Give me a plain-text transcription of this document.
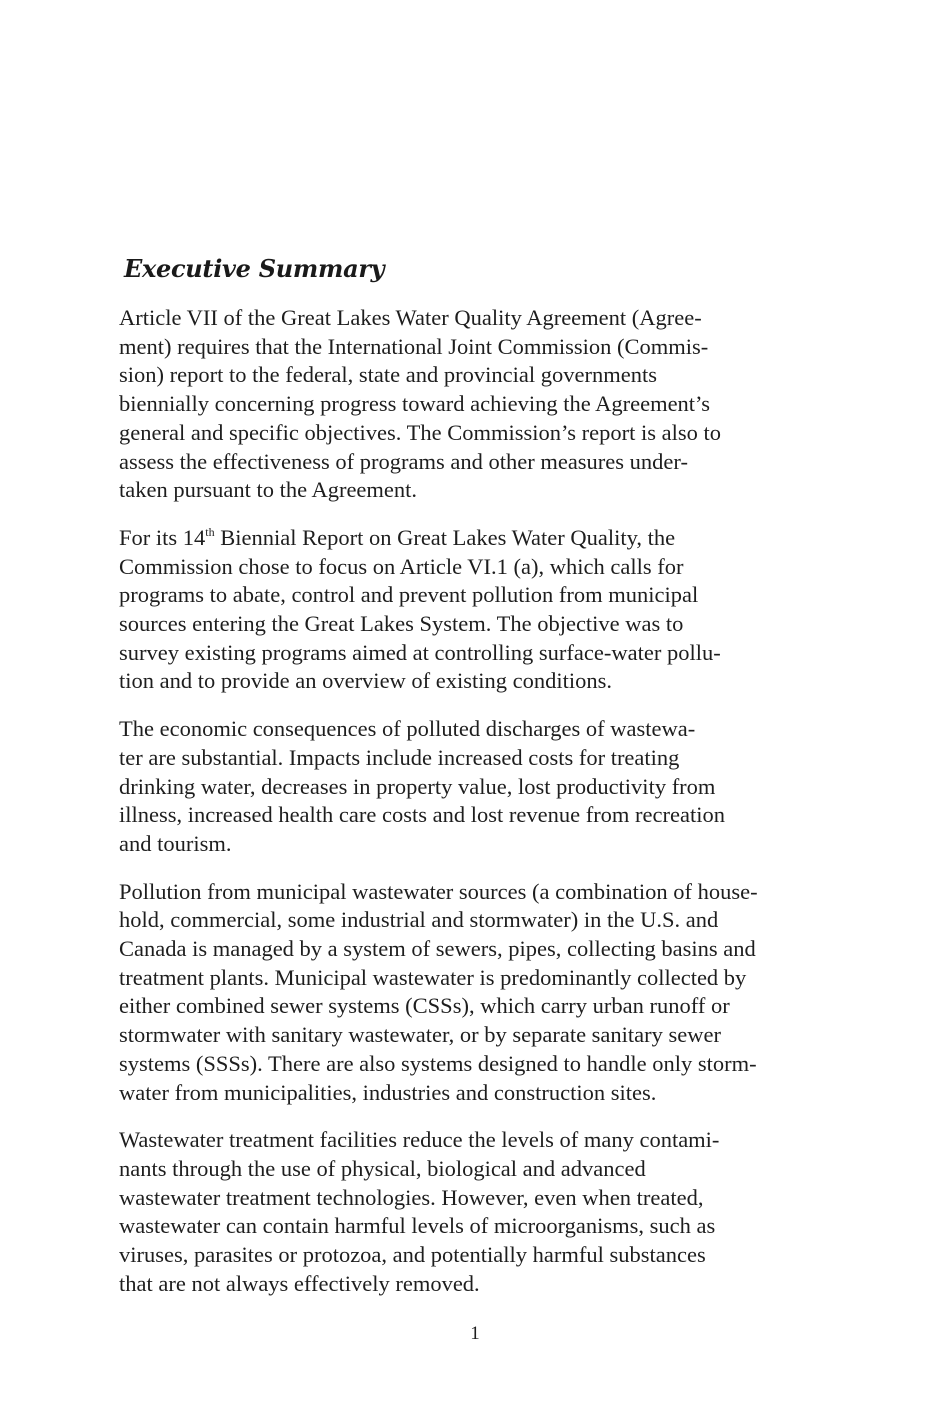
Executive Summary

Article VII of the Great Lakes Water Quality Agreement (Agree-
ment) requires that the International Joint Commission (Commis-
sion) report to the federal, state and provincial governments
biennially concerning progress toward achieving the Agreement’s
general and specific objectives. The Commission’s report is also to
assess the effectiveness of programs and other measures under-
taken pursuant to the Agreement.

For its 14th Biennial Report on Great Lakes Water Quality, the
Commission chose to focus on Article VI.1 (a), which calls for
programs to abate, control and prevent pollution from municipal
sources entering the Great Lakes System. The objective was to
survey existing programs aimed at controlling surface-water pollu-
tion and to provide an overview of existing conditions.

The economic consequences of polluted discharges of wastewa-
ter are substantial. Impacts include increased costs for treating
drinking water, decreases in property value, lost productivity from
illness, increased health care costs and lost revenue from recreation
and tourism.

Pollution from municipal wastewater sources (a combination of house-
hold, commercial, some industrial and stormwater) in the U.S. and
Canada is managed by a system of sewers, pipes, collecting basins and
treatment plants. Municipal wastewater is predominantly collected by
either combined sewer systems (CSSs), which carry urban runoff or
stormwater with sanitary wastewater, or by separate sanitary sewer
systems (SSSs). There are also systems designed to handle only storm-
water from municipalities, industries and construction sites.

Wastewater treatment facilities reduce the levels of many contami-
nants through the use of physical, biological and advanced
wastewater treatment technologies. However, even when treated,
wastewater can contain harmful levels of microorganisms, such as
viruses, parasites or protozoa, and potentially harmful substances
that are not always effectively removed.

1
